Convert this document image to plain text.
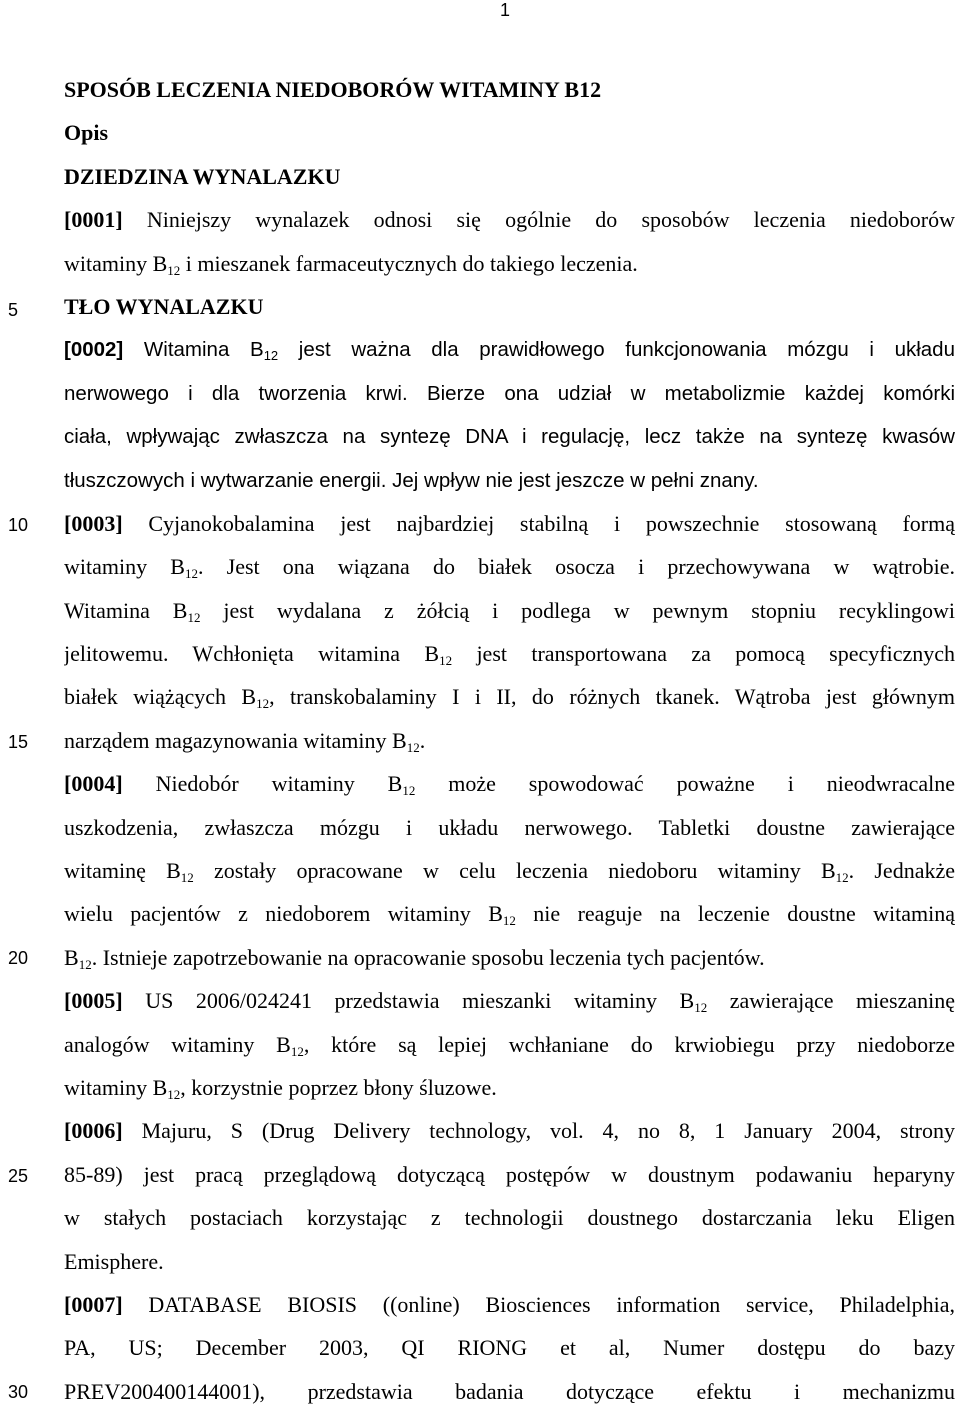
1
5
10
15
20
25
30
SPOSÓB LECZENIA NIEDOBORÓW WITAMINY B12
Opis
DZIEDZINA WYNALAZKU
[0001] Niniejszy wynalazek odnosi się ogólnie do sposobów leczenia niedoborów
witaminy $B_{12}$ i mieszanek farmaceutycznych do takiego leczenia.
TŁO WYNALAZKU
[0002] Witamina $B_{12}$ jest ważna dla prawidłowego funkcjonowania mózgu i układu
nerwowego i dla tworzenia krwi. Bierze ona udział w metabolizmie każdej komórki
ciała, wpływając zwłaszcza na syntezę DNA i regulację, lecz także na syntezę kwasów
tłuszczowych i wytwarzanie energii. Jej wpływ nie jest jeszcze w pełni znany.
[0003] Cyjanokobalamina jest najbardziej stabilną i powszechnie stosowaną formą
witaminy $B_{12}$. Jest ona wiązana do białek osocza i przechowywana w wątrobie.
Witamina $B_{12}$ jest wydalana z żółcią i podlega w pewnym stopniu recyklingowi
jelitowemu. Wchłonięta witamina $B_{12}$ jest transportowana za pomocą specyficznych
białek wiążących $B_{12}$, transkobalaminy I i II, do różnych tkanek. Wątroba jest głównym
narządem magazynowania witaminy $B_{12}$.
[0004] Niedobór witaminy $B_{12}$ może spowodować poważne i nieodwracalne
uszkodzenia, zwłaszcza mózgu i układu nerwowego. Tabletki doustne zawierające
witaminę $B_{12}$ zostały opracowane w celu leczenia niedoboru witaminy $B_{12}$. Jednakże
wielu pacjentów z niedoborem witaminy $B_{12}$ nie reaguje na leczenie doustne witaminą
$B_{12}$. Istnieje zapotrzebowanie na opracowanie sposobu leczenia tych pacjentów.
[0005] US 2006/024241 przedstawia mieszanki witaminy $B_{12}$ zawierające mieszaninę
analogów witaminy $B_{12}$, które są lepiej wchłaniane do krwiobiegu przy niedoborze
witaminy $B_{12}$, korzystnie poprzez błony śluzowe.
[0006] Majuru, S (Drug Delivery technology, vol. 4, no 8, 1 January 2004, strony
85-89) jest pracą przeglądową dotyczącą postępów w doustnym podawaniu heparyny
w stałych postaciach korzystając z technologii doustnego dostarczania leku Eligen
Emisphere.
[0007] DATABASE BIOSIS ((online) Biosciences information service, Philadelphia,
PA, US; December 2003, QI RIONG et al, Numer dostępu do bazy
PREV200400144001), przedstawia badania dotyczące efektu i mechanizmu
